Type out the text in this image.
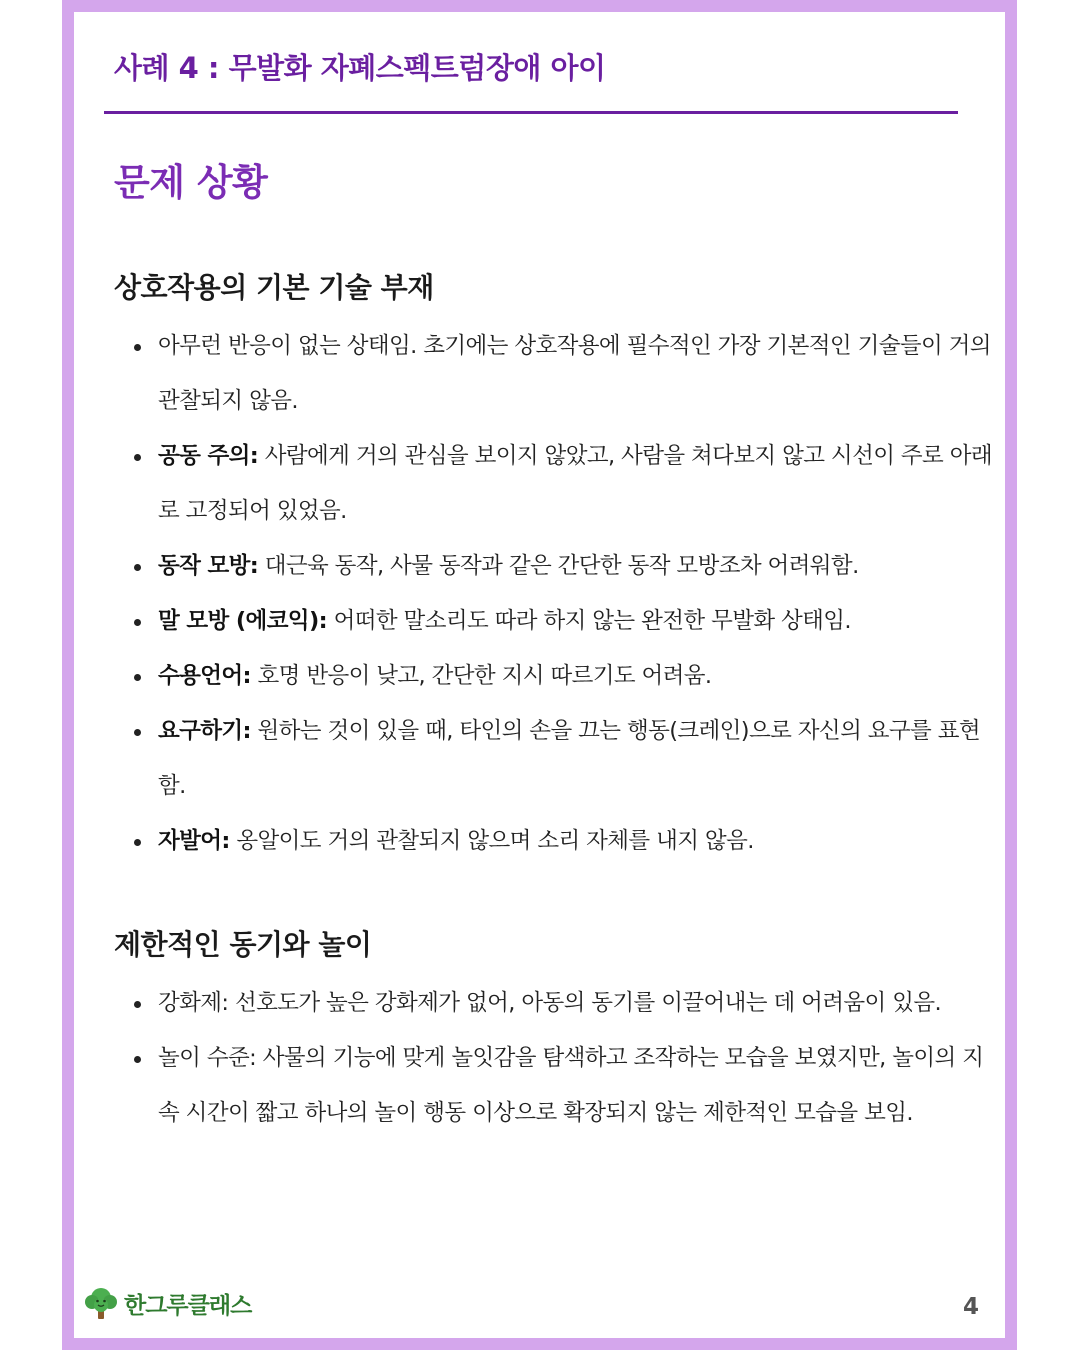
사례 4 : 무발화 자폐스펙트럼장애 아이
문제 상황
상호작용의 기본 기술 부재
아무런 반응이 없는 상태임. 초기에는 상호작용에 필수적인 가장 기본적인 기술들이 거의 관찰되지 않음.
공동 주의: 사람에게 거의 관심을 보이지 않았고, 사람을 쳐다보지 않고 시선이 주로 아래로 고정되어 있었음.
동작 모방: 대근육 동작, 사물 동작과 같은 간단한 동작 모방조차 어려워함.
말 모방 (에코익): 어떠한 말소리도 따라 하지 않는 완전한 무발화 상태임.
수용언어: 호명 반응이 낮고, 간단한 지시 따르기도 어려움.
요구하기: 원하는 것이 있을 때, 타인의 손을 끄는 행동(크레인)으로 자신의 요구를 표현함.
자발어: 옹알이도 거의 관찰되지 않으며 소리 자체를 내지 않음.
제한적인 동기와 놀이
강화제: 선호도가 높은 강화제가 없어, 아동의 동기를 이끌어내는 데 어려움이 있음.
놀이 수준: 사물의 기능에 맞게 놀잇감을 탐색하고 조작하는 모습을 보였지만, 놀이의 지속 시간이 짧고 하나의 놀이 행동 이상으로 확장되지 않는 제한적인 모습을 보임.
한그루클래스	4
